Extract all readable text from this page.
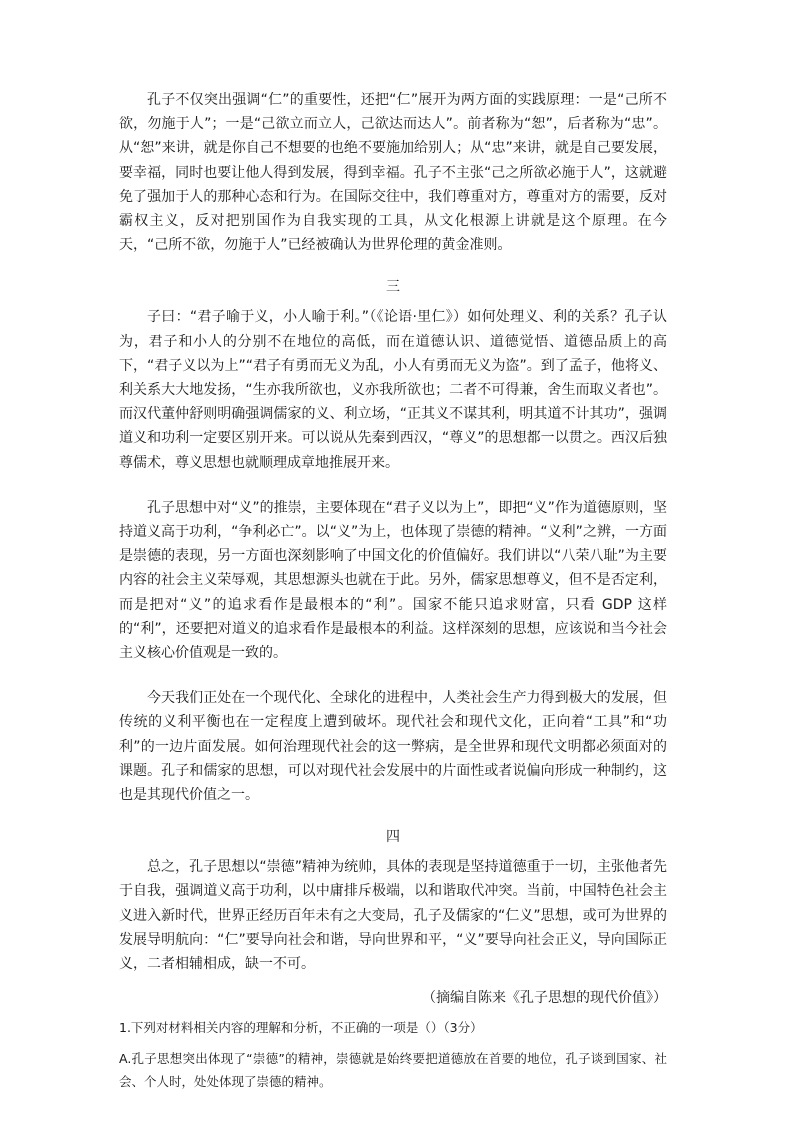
孔子不仅突出强调“仁”的重要性，还把“仁”展开为两方面的实践原理：一是“己所不欲，勿施于人”；一是“己欲立而立人，己欲达而达人”。前者称为“恕”，后者称为“忠”。从“恕”来讲，就是你自己不想要的也绝不要施加给别人；从“忠”来讲，就是自己要发展，要幸福，同时也要让他人得到发展，得到幸福。孔子不主张“己之所欲必施于人”，这就避免了强加于人的那种心态和行为。在国际交往中，我们尊重对方，尊重对方的需要，反对霸权主义，反对把别国作为自我实现的工具，从文化根源上讲就是这个原理。在今天，“己所不欲，勿施于人”已经被确认为世界伦理的黄金准则。

三

子曰：“君子喻于义，小人喻于利。”（《论语·里仁》）如何处理义、利的关系？孔子认为，君子和小人的分别不在地位的高低，而在道德认识、道德觉悟、道德品质上的高下，“君子义以为上”“君子有勇而无义为乱，小人有勇而无义为盗”。到了孟子，他将义、利关系大大地发扬，“生亦我所欲也，义亦我所欲也；二者不可得兼，舍生而取义者也”。而汉代董仲舒则明确强调儒家的义、利立场，“正其义不谋其利，明其道不计其功”，强调道义和功利一定要区别开来。可以说从先秦到西汉，“尊义”的思想都一以贯之。西汉后独尊儒术，尊义思想也就顺理成章地推展开来。

孔子思想中对“义”的推崇，主要体现在“君子义以为上”，即把“义”作为道德原则，坚持道义高于功利，“争利必亡”。以“义”为上，也体现了崇德的精神。“义利”之辨，一方面是崇德的表现，另一方面也深刻影响了中国文化的价值偏好。我们讲以“八荣八耻”为主要内容的社会主义荣辱观，其思想源头也就在于此。另外，儒家思想尊义，但不是否定利，而是把对“义”的追求看作是最根本的“利”。国家不能只追求财富，只看 GDP 这样的“利”，还要把对道义的追求看作是最根本的利益。这样深刻的思想，应该说和当今社会主义核心价值观是一致的。

今天我们正处在一个现代化、全球化的进程中，人类社会生产力得到极大的发展，但传统的义利平衡也在一定程度上遭到破坏。现代社会和现代文化，正向着“工具”和“功利”的一边片面发展。如何治理现代社会的这一弊病，是全世界和现代文明都必须面对的课题。孔子和儒家的思想，可以对现代社会发展中的片面性或者说偏向形成一种制约，这也是其现代价值之一。

四

总之，孔子思想以“崇德”精神为统帅，具体的表现是坚持道德重于一切，主张他者先于自我，强调道义高于功利，以中庸排斥极端，以和谐取代冲突。当前，中国特色社会主义进入新时代，世界正经历百年未有之大变局，孔子及儒家的“仁义”思想，或可为世界的发展导明航向：“仁”要导向社会和谐，导向世界和平，“义”要导向社会正义，导向国际正义，二者相辅相成，缺一不可。

（摘编自陈来《孔子思想的现代价值》）

1.下列对材料相关内容的理解和分析，不正确的一项是（）（3分）

A.孔子思想突出体现了“崇德”的精神，崇德就是始终要把道德放在首要的地位，孔子谈到国家、社会、个人时，处处体现了崇德的精神。
